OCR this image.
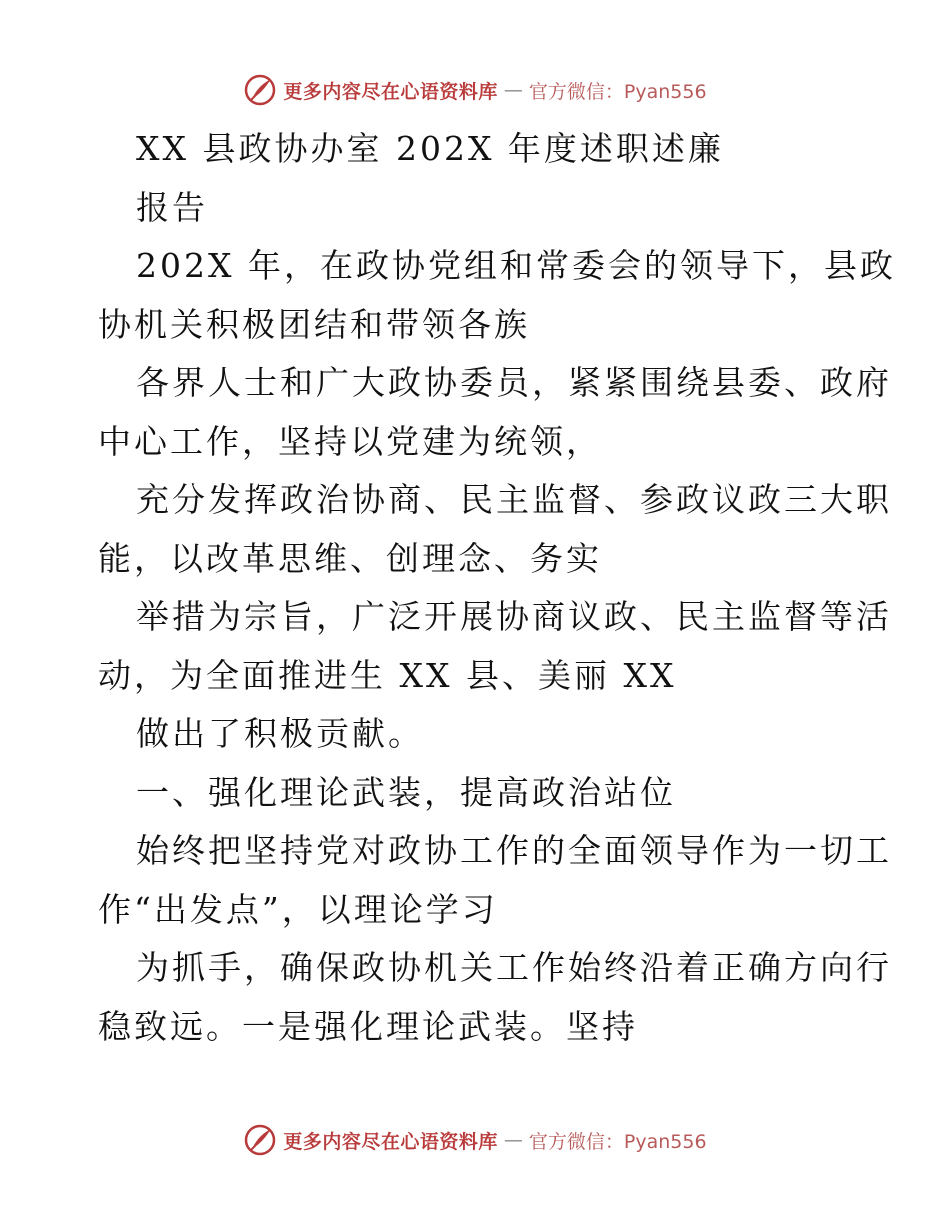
更多内容尽在心语资料库 — 官方微信：Pyan556
XX 县政协办室 202X 年度述职述廉
报告
202X 年，在政协党组和常委会的领导下，县政
协机关积极团结和带领各族
各界人士和广大政协委员，紧紧围绕县委、政府
中心工作，坚持以党建为统领，
充分发挥政治协商、民主监督、参政议政三大职
能，以改革思维、创理念、务实
举措为宗旨，广泛开展协商议政、民主监督等活
动，为全面推进生 XX 县、美丽 XX
做出了积极贡献。
一、强化理论武装，提高政治站位
始终把坚持党对政协工作的全面领导作为一切工
作“出发点”，以理论学习
为抓手，确保政协机关工作始终沿着正确方向行
稳致远。一是强化理论武装。坚持
更多内容尽在心语资料库 — 官方微信：Pyan556
